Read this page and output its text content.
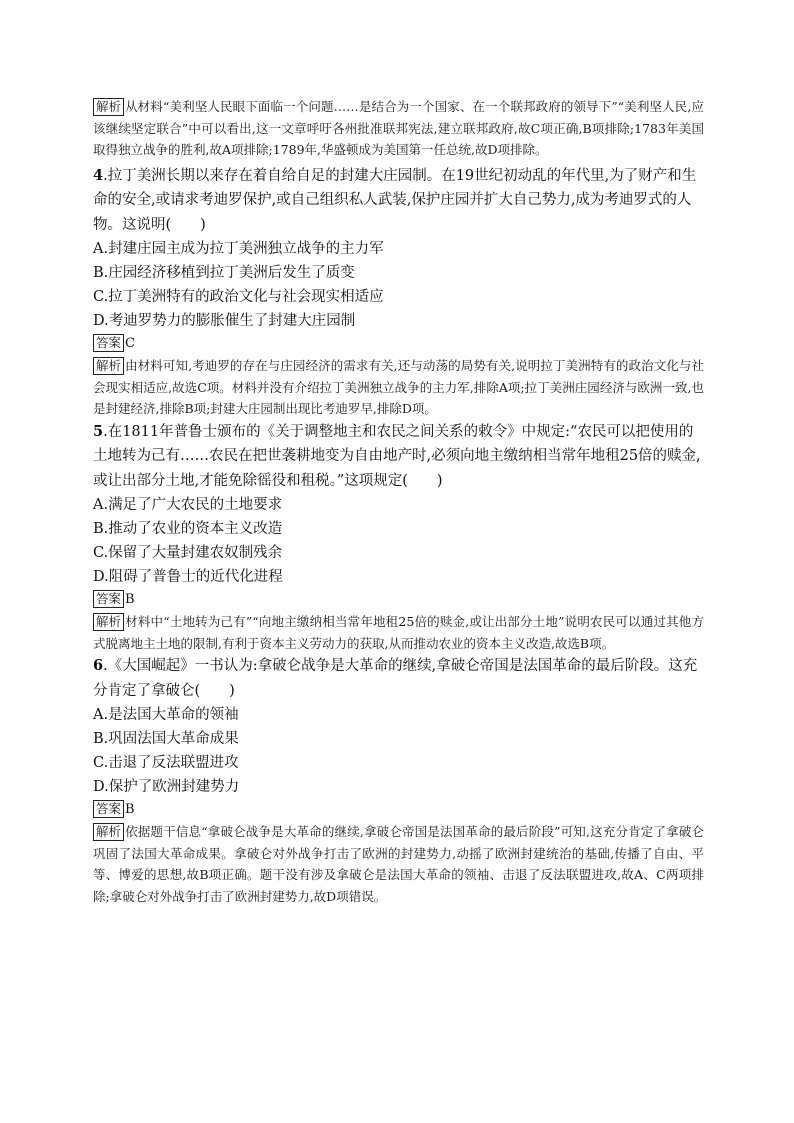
解析 从材料“美利坚人民眼下面临一个问题……是结合为一个国家、在一个联邦政府的领导下”“美利坚人民,应该继续坚定联合”中可以看出,这一文章呼吁各州批准联邦宪法,建立联邦政府,故C项正确,B项排除;1783年美国取得独立战争的胜利,故A项排除;1789年,华盛顿成为美国第一任总统,故D项排除。

4.拉丁美洲长期以来存在着自给自足的封建大庄园制。在19世纪初动乱的年代里,为了财产和生命的安全,或请求考迪罗保护,或自己组织私人武装,保护庄园并扩大自己势力,成为考迪罗式的人物。这说明(　　)

A.封建庄园主成为拉丁美洲独立战争的主力军

B.庄园经济移植到拉丁美洲后发生了质变

C.拉丁美洲特有的政治文化与社会现实相适应

D.考迪罗势力的膨胀催生了封建大庄园制

答案 C

解析 由材料可知,考迪罗的存在与庄园经济的需求有关,还与动荡的局势有关,说明拉丁美洲特有的政治文化与社会现实相适应,故选C项。材料并没有介绍拉丁美洲独立战争的主力军,排除A项;拉丁美洲庄园经济与欧洲一致,也是封建经济,排除B项;封建大庄园制出现比考迪罗早,排除D项。

5.在1811年普鲁士颁布的《关于调整地主和农民之间关系的敕令》中规定:“农民可以把使用的土地转为己有……农民在把世袭耕地变为自由地产时,必须向地主缴纳相当常年地租25倍的赎金,或让出部分土地,才能免除徭役和租税。”这项规定(　　)

A.满足了广大农民的土地要求

B.推动了农业的资本主义改造

C.保留了大量封建农奴制残余

D.阻碍了普鲁士的近代化进程

答案 B

解析 材料中“土地转为己有”“向地主缴纳相当常年地租25倍的赎金,或让出部分土地”说明农民可以通过其他方式脱离地主土地的限制,有利于资本主义劳动力的获取,从而推动农业的资本主义改造,故选B项。

6.《大国崛起》一书认为:拿破仑战争是大革命的继续,拿破仑帝国是法国革命的最后阶段。这充分肯定了拿破仑(　　)

A.是法国大革命的领袖

B.巩固法国大革命成果

C.击退了反法联盟进攻

D.保护了欧洲封建势力

答案 B

解析 依据题干信息“拿破仑战争是大革命的继续,拿破仑帝国是法国革命的最后阶段”可知,这充分肯定了拿破仑巩固了法国大革命成果。拿破仑对外战争打击了欧洲的封建势力,动摇了欧洲封建统治的基础,传播了自由、平等、博爱的思想,故B项正确。题干没有涉及拿破仑是法国大革命的领袖、击退了反法联盟进攻,故A、C两项排除;拿破仑对外战争打击了欧洲封建势力,故D项错误。
